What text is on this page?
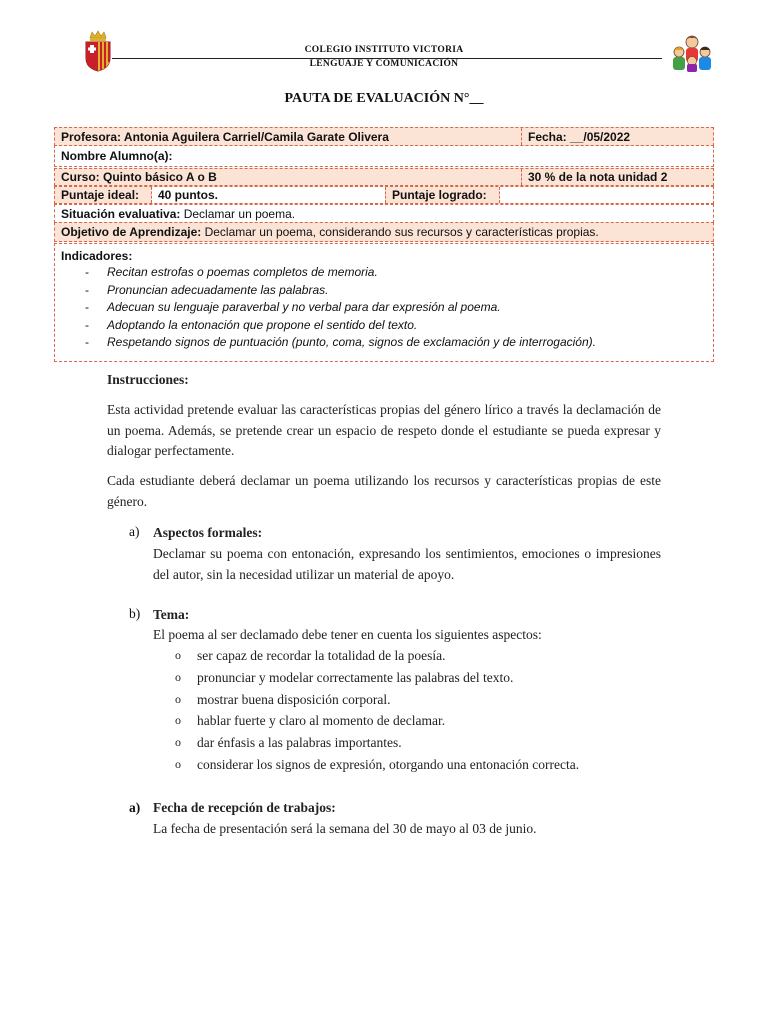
COLEGIO INSTITUTO VICTORIA
LENGUAJE Y COMUNICACIÓN
PAUTA DE EVALUACIÓN N°__
Profesora: Antonia Aguilera Carriel/Camila Garate Olivera	Fecha: __/05/2022
Nombre Alumno(a):
Curso: Quinto básico A o B	30 % de la nota unidad 2
Puntaje ideal:	40 puntos.	Puntaje logrado:
Situación evaluativa: Declamar un poema.
Objetivo de Aprendizaje: Declamar un poema, considerando sus recursos y características propias.
Indicadores:
- Recitan estrofas o poemas completos de memoria.
- Pronuncian adecuadamente las palabras.
- Adecuan su lenguaje paraverbal y no verbal para dar expresión al poema.
- Adoptando la entonación que propone el sentido del texto.
- Respetando signos de puntuación (punto, coma, signos de exclamación y de interrogación).
Instrucciones:
Esta actividad pretende evaluar las características propias del género lírico a través la declamación de un poema. Además, se pretende crear un espacio de respeto donde el estudiante se pueda expresar y dialogar perfectamente.
Cada estudiante deberá declamar un poema utilizando los recursos y características propias de este género.
a) Aspectos formales:
Declamar su poema con entonación, expresando los sentimientos, emociones o impresiones del autor, sin la necesidad utilizar un material de apoyo.
b) Tema:
El poema al ser declamado debe tener en cuenta los siguientes aspectos:
o ser capaz de recordar la totalidad de la poesía.
o pronunciar y modelar correctamente las palabras del texto.
o mostrar buena disposición corporal.
o hablar fuerte y claro al momento de declamar.
o dar énfasis a las palabras importantes.
o considerar los signos de expresión, otorgando una entonación correcta.
a) Fecha de recepción de trabajos:
La fecha de presentación será la semana del 30 de mayo al 03 de junio.
